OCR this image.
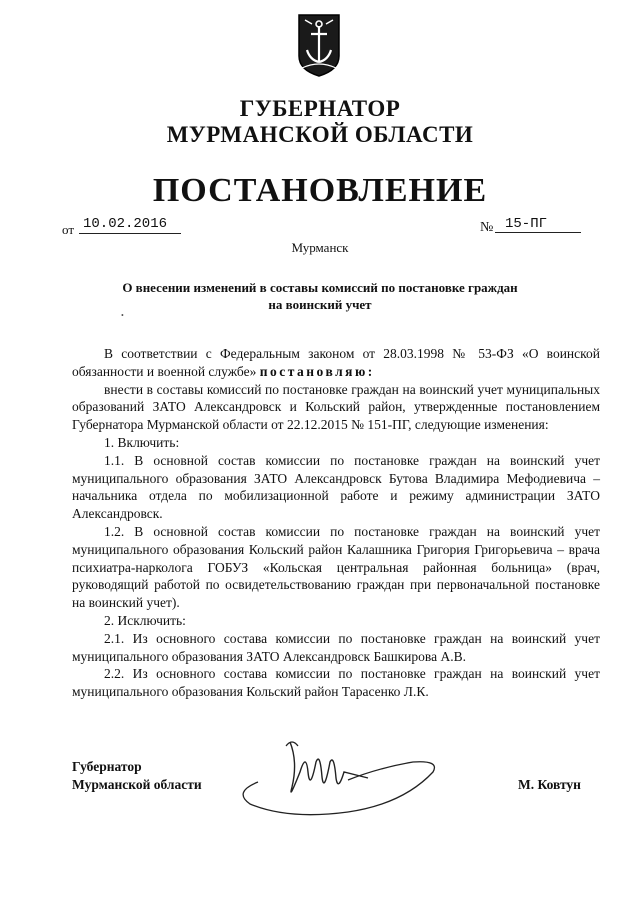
ГУБЕРНАТОР
МУРМАНСКОЙ ОБЛАСТИ
ПОСТАНОВЛЕНИЕ
от 10.02.2016	№ 15-ПГ
Мурманск
О внесении изменений в составы комиссий по постановке граждан
на воинский учет
•

В соответствии с Федеральным законом от 28.03.1998 № 53-ФЗ «О воинской обязанности и военной службе» постановляю:

внести в составы комиссий по постановке граждан на воинский учет муниципальных образований ЗАТО Александровск и Кольский район, утвержденные постановлением Губернатора Мурманской области от 22.12.2015 № 151-ПГ, следующие изменения:

1. Включить:

1.1. В основной состав комиссии по постановке граждан на воинский учет муниципального образования ЗАТО Александровск Бутова Владимира Мефодиевича – начальника отдела по мобилизационной работе и режиму администрации ЗАТО Александровск.

1.2. В основной состав комиссии по постановке граждан на воинский учет муниципального образования Кольский район Калашника Григория Григорьевича – врача психиатра-нарколога ГОБУЗ «Кольская центральная районная больница» (врач, руководящий работой по освидетельствованию граждан при первоначальной постановке на воинский учет).

2. Исключить:

2.1. Из основного состава комиссии по постановке граждан на воинский учет муниципального образования ЗАТО Александровск Башкирова А.В.

2.2. Из основного состава комиссии по постановке граждан на воинский учет муниципального образования Кольский район Тарасенко Л.К.

Губернатор
Мурманской области	М. Ковтун
